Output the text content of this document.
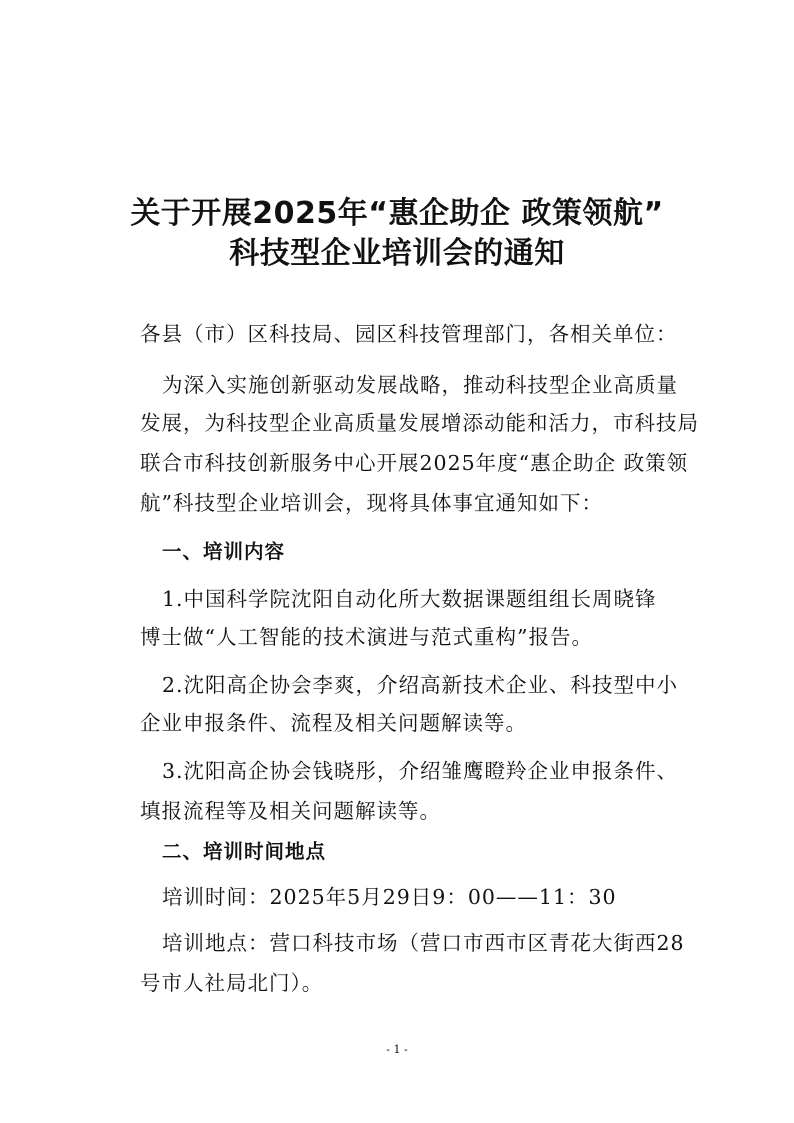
关于开展2025年“惠企助企 政策领航”
科技型企业培训会的通知

各县（市）区科技局、园区科技管理部门，各相关单位：

为深入实施创新驱动发展战略，推动科技型企业高质量

发展，为科技型企业高质量发展增添动能和活力，市科技局

联合市科技创新服务中心开展2025年度“惠企助企 政策领

航”科技型企业培训会，现将具体事宜通知如下：

一、培训内容

1.中国科学院沈阳自动化所大数据课题组组长周晓锋

博士做“人工智能的技术演进与范式重构”报告。

2.沈阳高企协会李爽，介绍高新技术企业、科技型中小

企业申报条件、流程及相关问题解读等。

3.沈阳高企协会钱晓彤，介绍雏鹰瞪羚企业申报条件、

填报流程等及相关问题解读等。

二、培训时间地点

培训时间：2025年5月29日9：00——11：30

培训地点：营口科技市场（营口市西市区青花大街西28

号市人社局北门）。

- 1 -
